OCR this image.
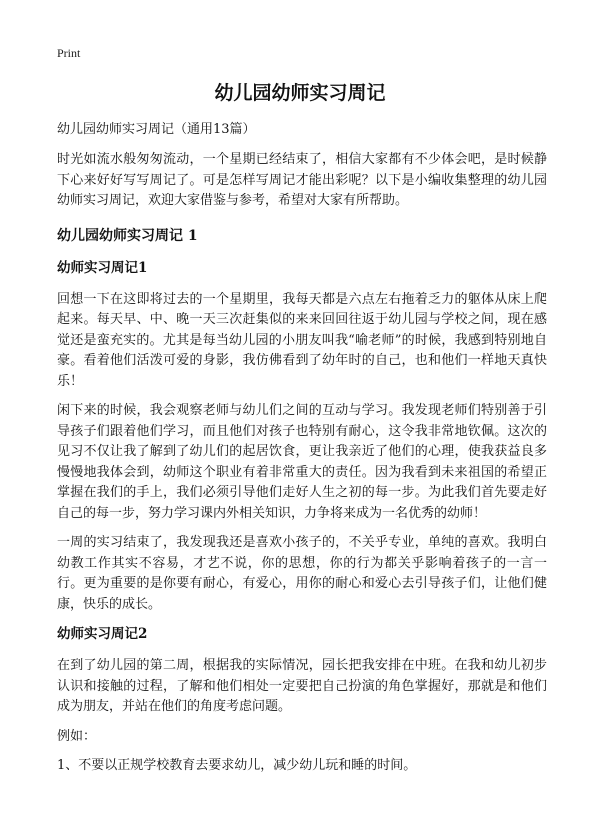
Print
幼儿园幼师实习周记
幼儿园幼师实习周记（通用13篇）

时光如流水般匆匆流动，一个星期已经结束了，相信大家都有不少体会吧，是时候静下心来好好写写周记了。可是怎样写周记才能出彩呢？以下是小编收集整理的幼儿园幼师实习周记，欢迎大家借鉴与参考，希望对大家有所帮助。

幼儿园幼师实习周记 1
幼师实习周记1

回想一下在这即将过去的一个星期里，我每天都是六点左右拖着乏力的躯体从床上爬起来。每天早、中、晚一天三次赶集似的来来回回往返于幼儿园与学校之间，现在感觉还是蛮充实的。尤其是每当幼儿园的小朋友叫我“喻老师”的时候，我感到特别地自豪。看着他们活泼可爱的身影，我仿佛看到了幼年时的自己，也和他们一样地天真快乐！

闲下来的时候，我会观察老师与幼儿们之间的互动与学习。我发现老师们特别善于引导孩子们跟着他们学习，而且他们对孩子也特别有耐心，这令我非常地钦佩。这次的见习不仅让我了解到了幼儿们的起居饮食，更让我亲近了他们的心理，使我获益良多慢慢地我体会到，幼师这个职业有着非常重大的责任。因为我看到未来祖国的希望正掌握在我们的手上，我们必须引导他们走好人生之初的每一步。为此我们首先要走好自己的每一步，努力学习课内外相关知识，力争将来成为一名优秀的幼师！

一周的实习结束了，我发现我还是喜欢小孩子的，不关乎专业，单纯的喜欢。我明白幼教工作其实不容易，才艺不说，你的思想，你的行为都关乎影响着孩子的一言一行。更为重要的是你要有耐心，有爱心，用你的耐心和爱心去引导孩子们，让他们健康，快乐的成长。

幼师实习周记2

在到了幼儿园的第二周，根据我的实际情况，园长把我安排在中班。在我和幼儿初步认识和接触的过程，了解和他们相处一定要把自己扮演的角色掌握好，那就是和他们成为朋友，并站在他们的角度考虑问题。

例如：

1、不要以正规学校教育去要求幼儿，减少幼儿玩和睡的时间。
